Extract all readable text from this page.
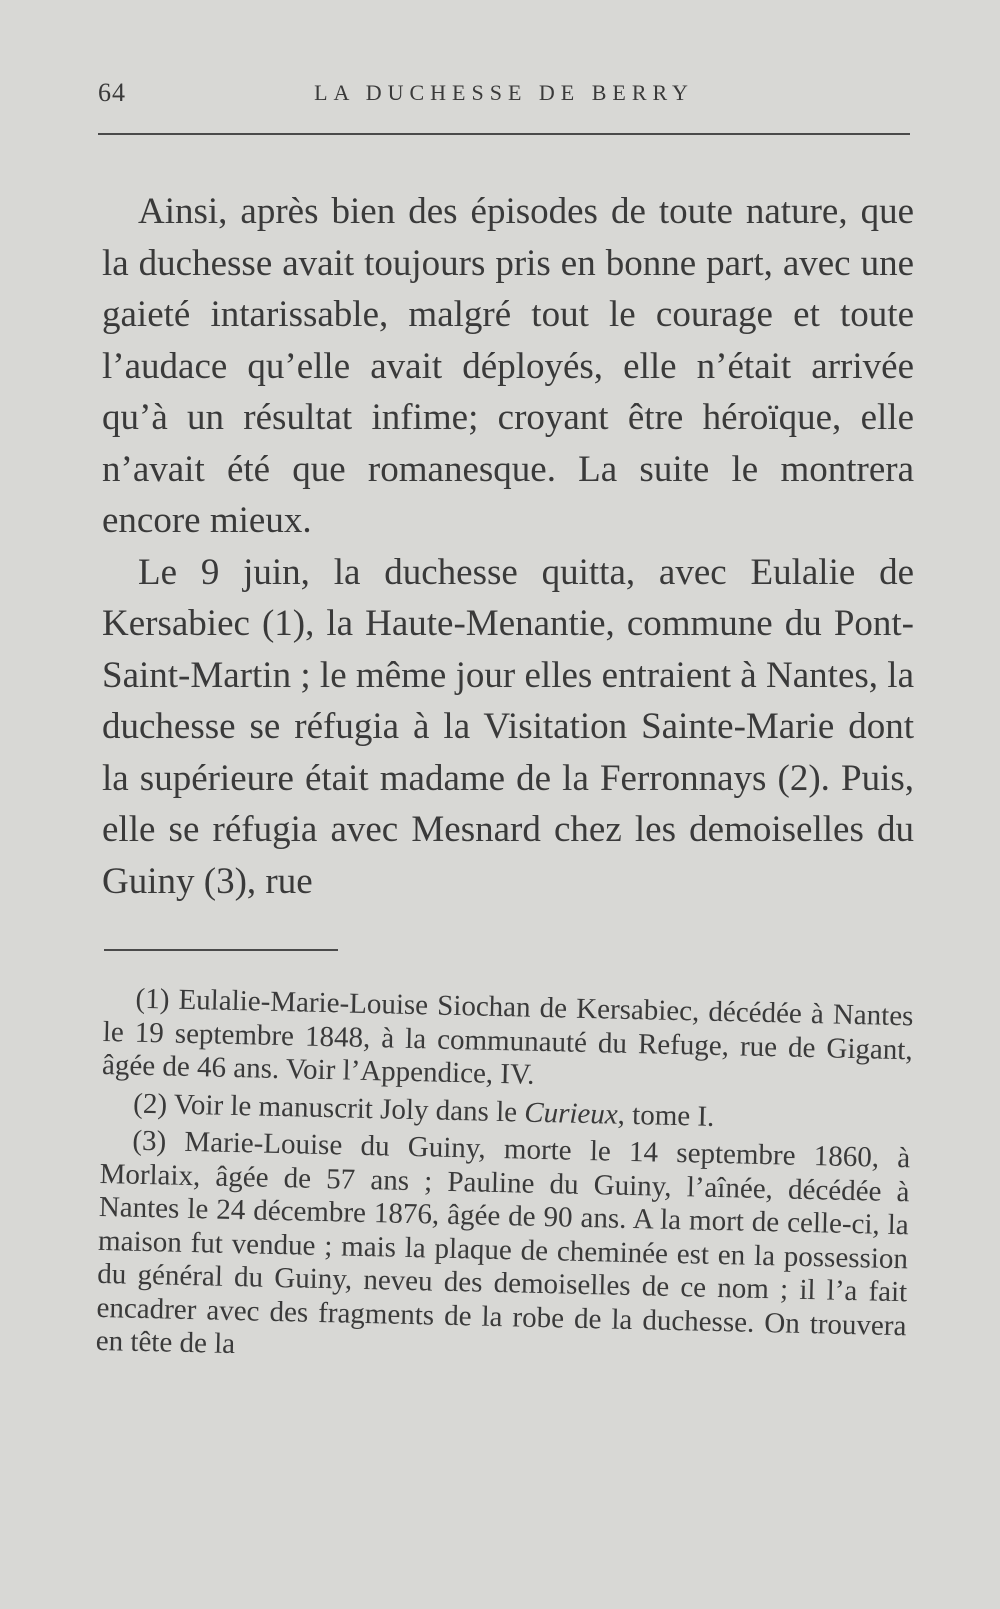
64	LA DUCHESSE DE BERRY

Ainsi, après bien des épisodes de toute nature, que la duchesse avait toujours pris en bonne part, avec une gaieté intarissable, malgré tout le courage et toute l’audace qu’elle avait déployés, elle n’était arrivée qu’à un résultat infime; croyant être héroïque, elle n’avait été que romanesque. La suite le montrera encore mieux.

Le 9 juin, la duchesse quitta, avec Eulalie de Kersabiec (1), la Haute-Menantie, commune du Pont-Saint-Martin ; le même jour elles entraient à Nantes, la duchesse se réfugia à la Visitation Sainte-Marie dont la supérieure était madame de la Ferronnays (2). Puis, elle se réfugia avec Mesnard chez les demoiselles du Guiny (3), rue

(1) Eulalie-Marie-Louise Siochan de Kersabiec, décédée à Nantes le 19 septembre 1848, à la communauté du Refuge, rue de Gigant, âgée de 46 ans. Voir l’Appendice, IV.

(2) Voir le manuscrit Joly dans le Curieux, tome I.

(3) Marie-Louise du Guiny, morte le 14 septembre 1860, à Morlaix, âgée de 57 ans ; Pauline du Guiny, l’aînée, décédée à Nantes le 24 décembre 1876, âgée de 90 ans. A la mort de celle-ci, la maison fut vendue ; mais la plaque de cheminée est en la possession du général du Guiny, neveu des demoiselles de ce nom ; il l’a fait encadrer avec des fragments de la robe de la duchesse. On trouvera en tête de la
